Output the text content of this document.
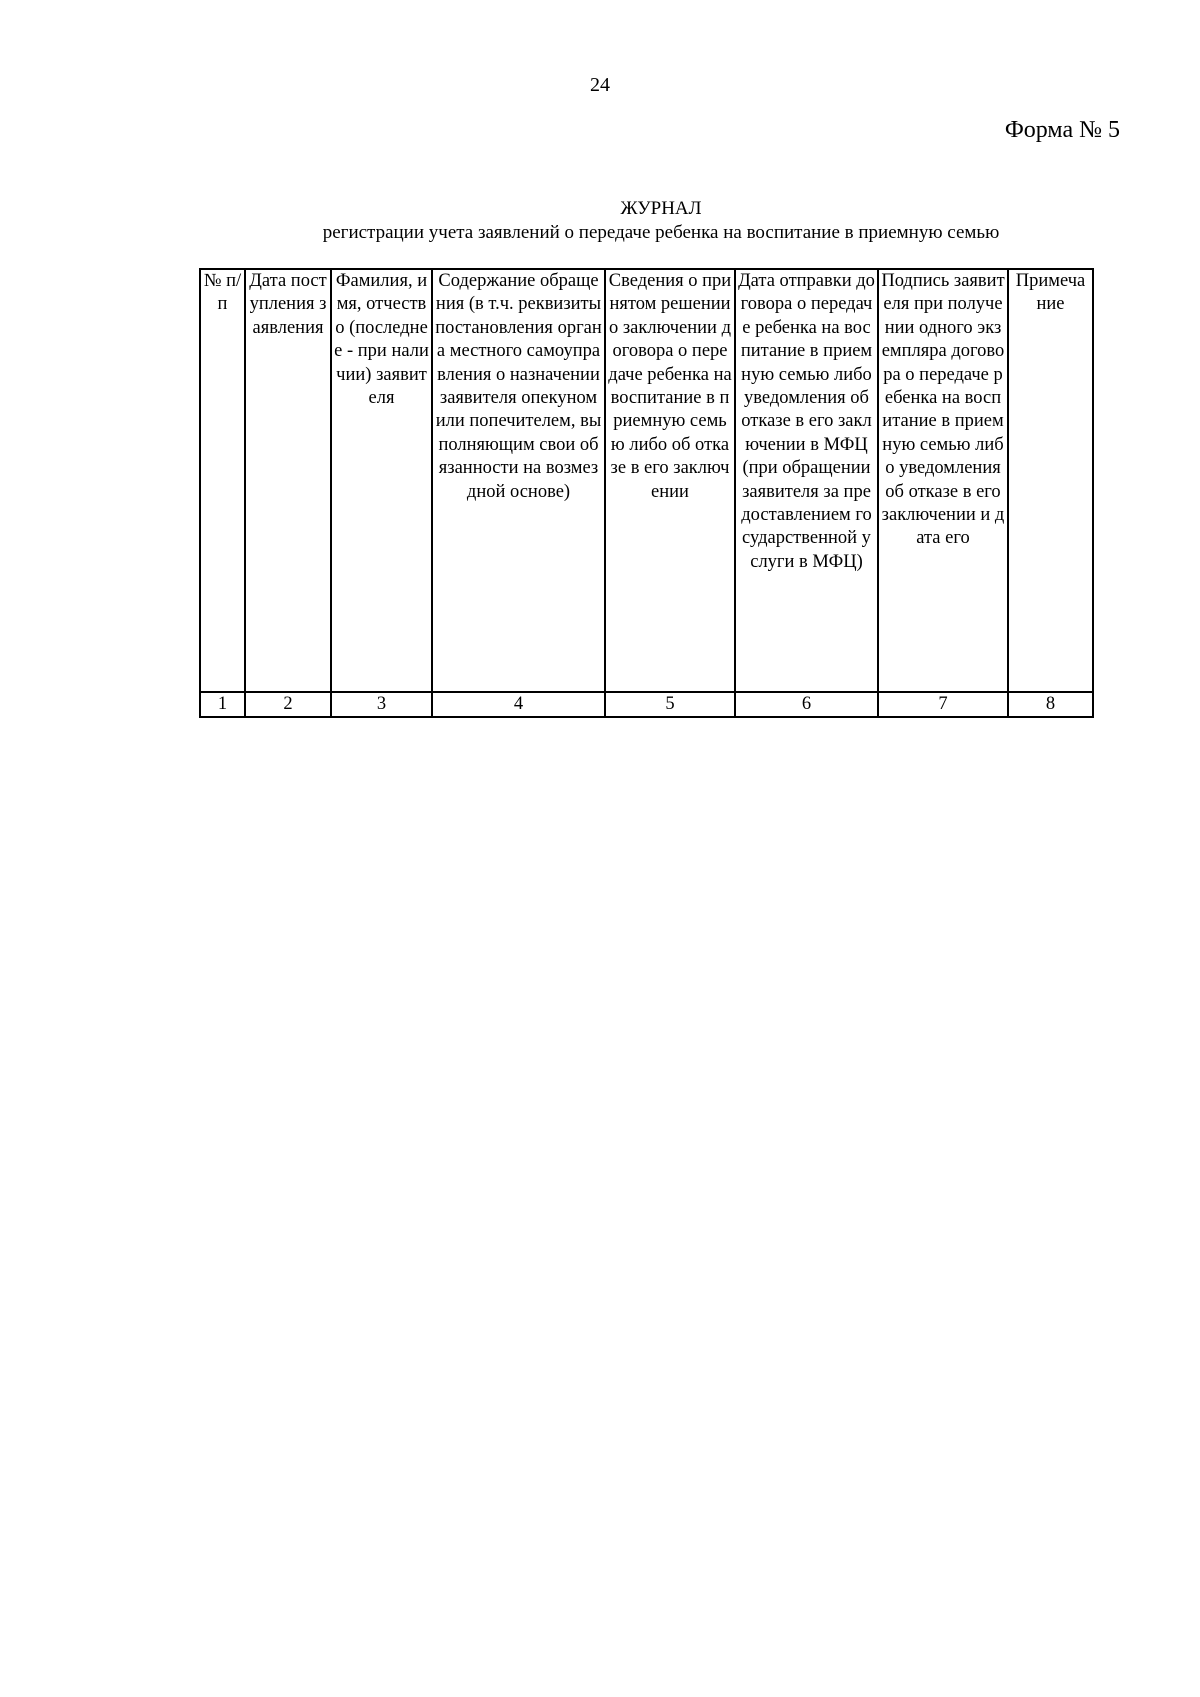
24
Форма № 5
ЖУРНАЛ
регистрации учета заявлений о передаче ребенка на воспитание в приемную семью
№ п/п	Дата поступления заявления	Фамилия, имя, отчество (последнее - при наличии) заявителя	Содержание обращения (в т.ч. реквизиты постановления органа местного самоуправления о назначении заявителя опекуном или попечителем, выполняющим свои обязанности на возмездной основе)	Сведения о принятом решении о заключении договора о передаче ребенка на воспитание в приемную семью либо об отказе в его заключении	Дата отправки договора о передаче ребенка на воспитание в приемную семью либо уведомления об отказе в его заключении в МФЦ (при обращении заявителя за предоставлением государственной услуги в МФЦ)	Подпись заявителя при получении одного экземпляра договора о передаче ребенка на воспитание в приемную семью либо уведомления об отказе в его заключении и дата его	Примечание
1	2	3	4	5	6	7	8
